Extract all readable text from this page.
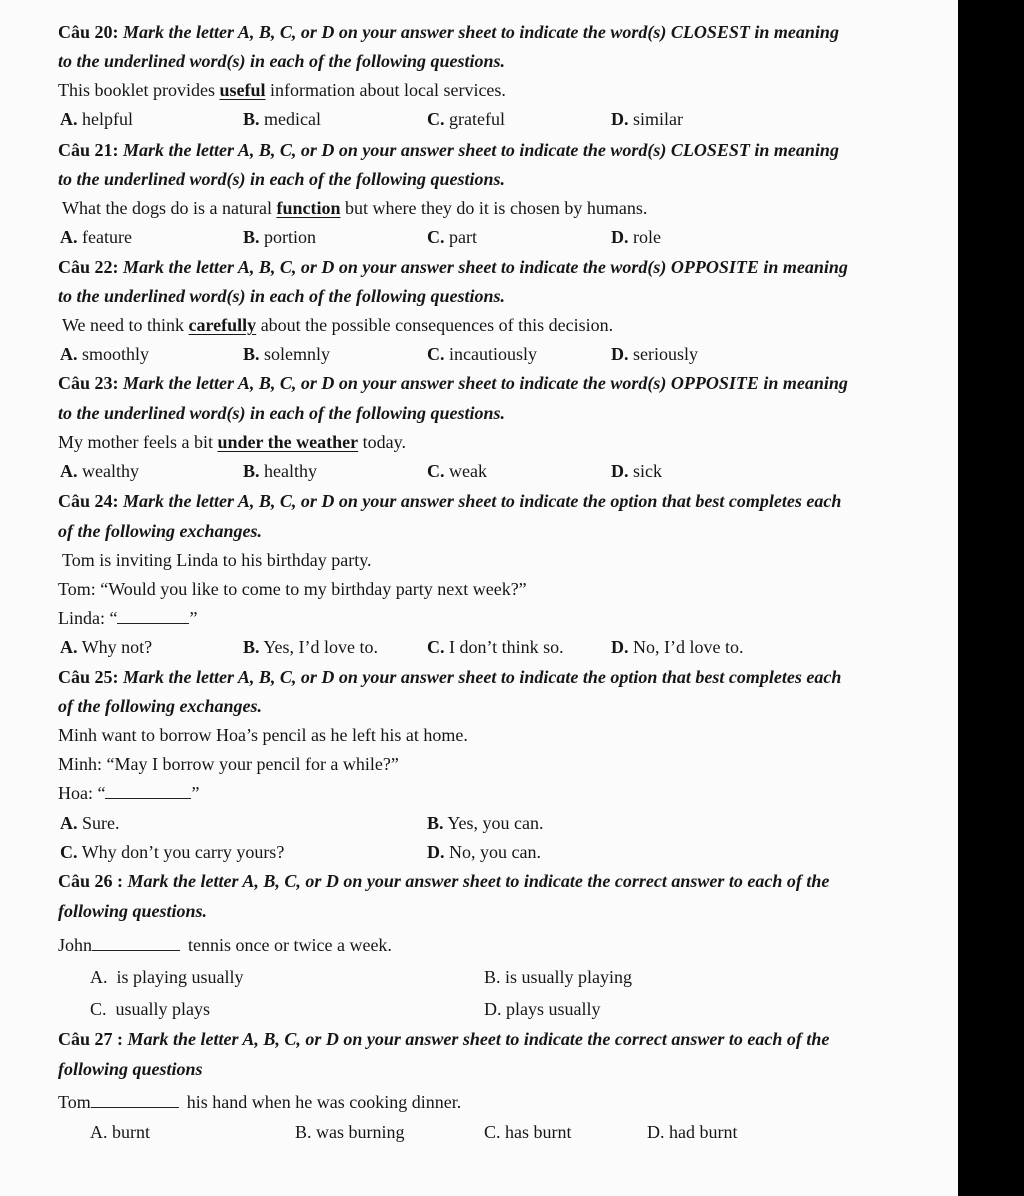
Câu 20: Mark the letter A, B, C, or D on your answer sheet to indicate the word(s) CLOSEST in meaning
to the underlined word(s) in each of the following questions.
This booklet provides useful information about local services.
A. helpful	B. medical	C. grateful	D. similar
Câu 21: Mark the letter A, B, C, or D on your answer sheet to indicate the word(s) CLOSEST in meaning
to the underlined word(s) in each of the following questions.
What the dogs do is a natural function but where they do it is chosen by humans.
A. feature	B. portion	C. part	D. role
Câu 22: Mark the letter A, B, C, or D on your answer sheet to indicate the word(s) OPPOSITE in meaning
to the underlined word(s) in each of the following questions.
We need to think carefully about the possible consequences of this decision.
A. smoothly	B. solemnly	C. incautiously	D. seriously
Câu 23: Mark the letter A, B, C, or D on your answer sheet to indicate the word(s) OPPOSITE in meaning
to the underlined word(s) in each of the following questions.
My mother feels a bit under the weather today.
A. wealthy	B. healthy	C. weak	D. sick
Câu 24: Mark the letter A, B, C, or D on your answer sheet to indicate the option that best completes each
of the following exchanges.
Tom is inviting Linda to his birthday party.
Tom: “Would you like to come to my birthday party next week?”
Linda: “	”
A. Why not?	B. Yes, I’d love to.	C. I don’t think so.	D. No, I’d love to.
Câu 25: Mark the letter A, B, C, or D on your answer sheet to indicate the option that best completes each
of the following exchanges.
Minh want to borrow Hoa’s pencil as he left his at home.
Minh: “May I borrow your pencil for a while?”
Hoa: “	”
A. Sure.	B. Yes, you can.
C. Why don’t you carry yours?	D. No, you can.
Câu 26 : Mark the letter A, B, C, or D on your answer sheet to indicate the correct answer to each of the
following questions.
John	tennis once or twice a week.
A. is playing usually	B. is usually playing
C. usually plays	D. plays usually
Câu 27 : Mark the letter A, B, C, or D on your answer sheet to indicate the correct answer to each of the
following questions
Tom	his hand when he was cooking dinner.
A. burnt	B. was burning	C. has burnt	D. had burnt
